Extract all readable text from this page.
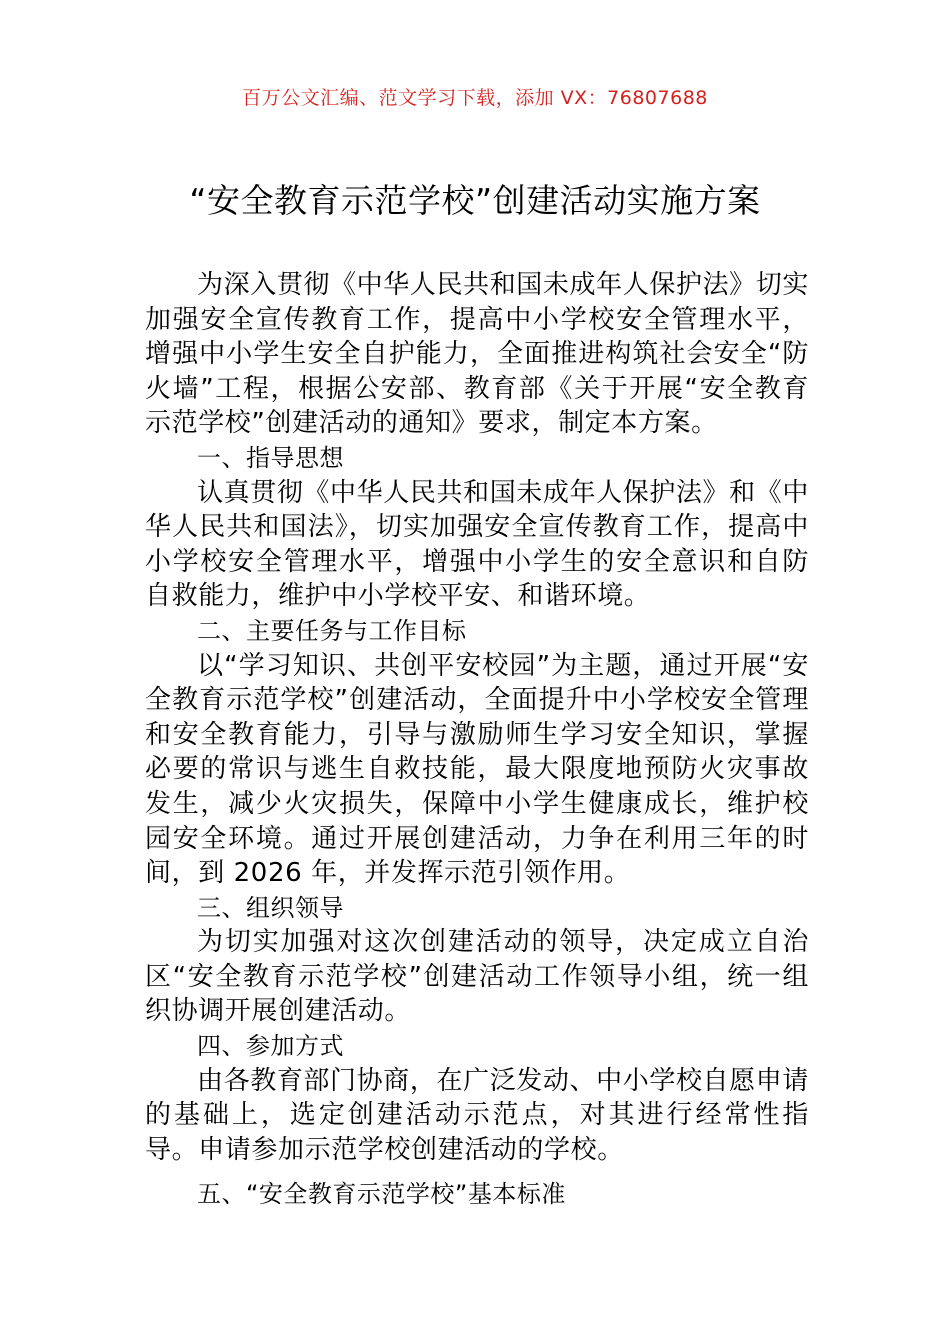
百万公文汇编、范文学习下载，添加 VX：76807688
“安全教育示范学校”创建活动实施方案

为深入贯彻《中华人民共和国未成年人保护法》切实加强安全宣传教育工作，提高中小学校安全管理水平，增强中小学生安全自护能力，全面推进构筑社会安全“防火墙”工程，根据公安部、教育部《关于开展“安全教育示范学校”创建活动的通知》要求，制定本方案。

一、指导思想

认真贯彻《中华人民共和国未成年人保护法》和《中华人民共和国法》，切实加强安全宣传教育工作，提高中小学校安全管理水平，增强中小学生的安全意识和自防自救能力，维护中小学校平安、和谐环境。

二、主要任务与工作目标

以“学习知识、共创平安校园”为主题，通过开展“安全教育示范学校”创建活动，全面提升中小学校安全管理和安全教育能力，引导与激励师生学习安全知识，掌握必要的常识与逃生自救技能，最大限度地预防火灾事故发生，减少火灾损失，保障中小学生健康成长，维护校园安全环境。通过开展创建活动，力争在利用三年的时间，到 2026 年，并发挥示范引领作用。

三、组织领导

为切实加强对这次创建活动的领导，决定成立自治区“安全教育示范学校”创建活动工作领导小组，统一组织协调开展创建活动。

四、参加方式

由各教育部门协商，在广泛发动、中小学校自愿申请的基础上，选定创建活动示范点，对其进行经常性指导。申请参加示范学校创建活动的学校。

五、“安全教育示范学校”基本标准
